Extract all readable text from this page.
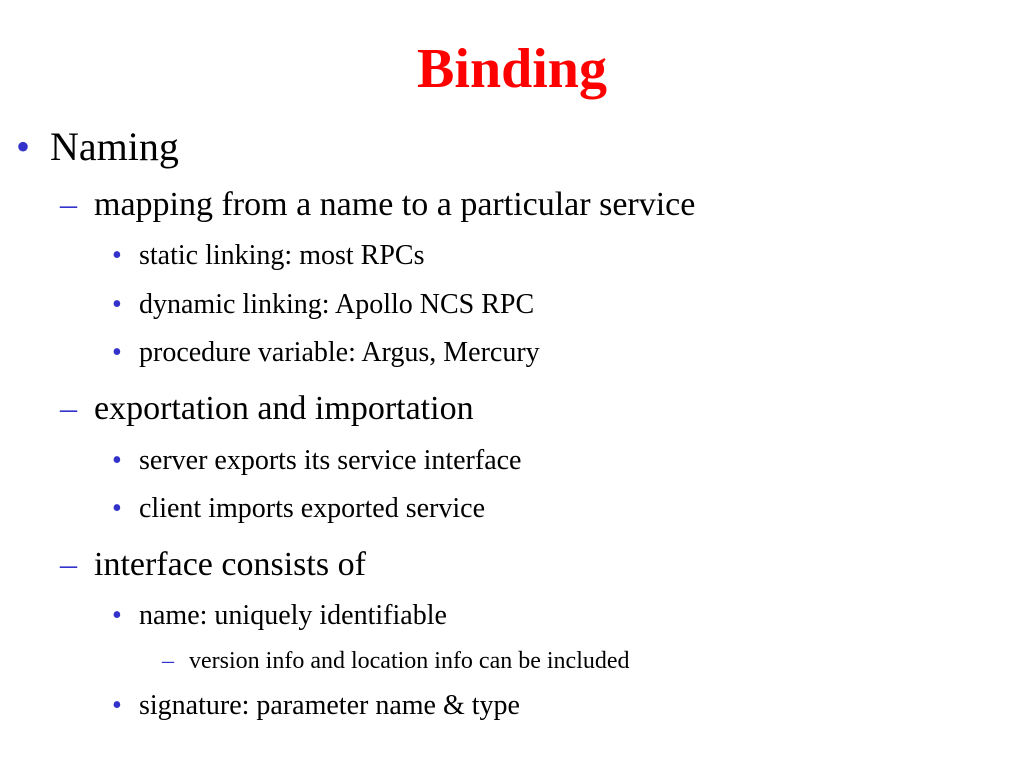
Binding
• Naming
– mapping from a name to a particular service
• static linking: most RPCs
• dynamic linking: Apollo NCS RPC
• procedure variable: Argus, Mercury
– exportation and importation
• server exports its service interface
• client imports exported service
– interface consists of
• name: uniquely identifiable
– version info and location info can be included
• signature: parameter name & type
